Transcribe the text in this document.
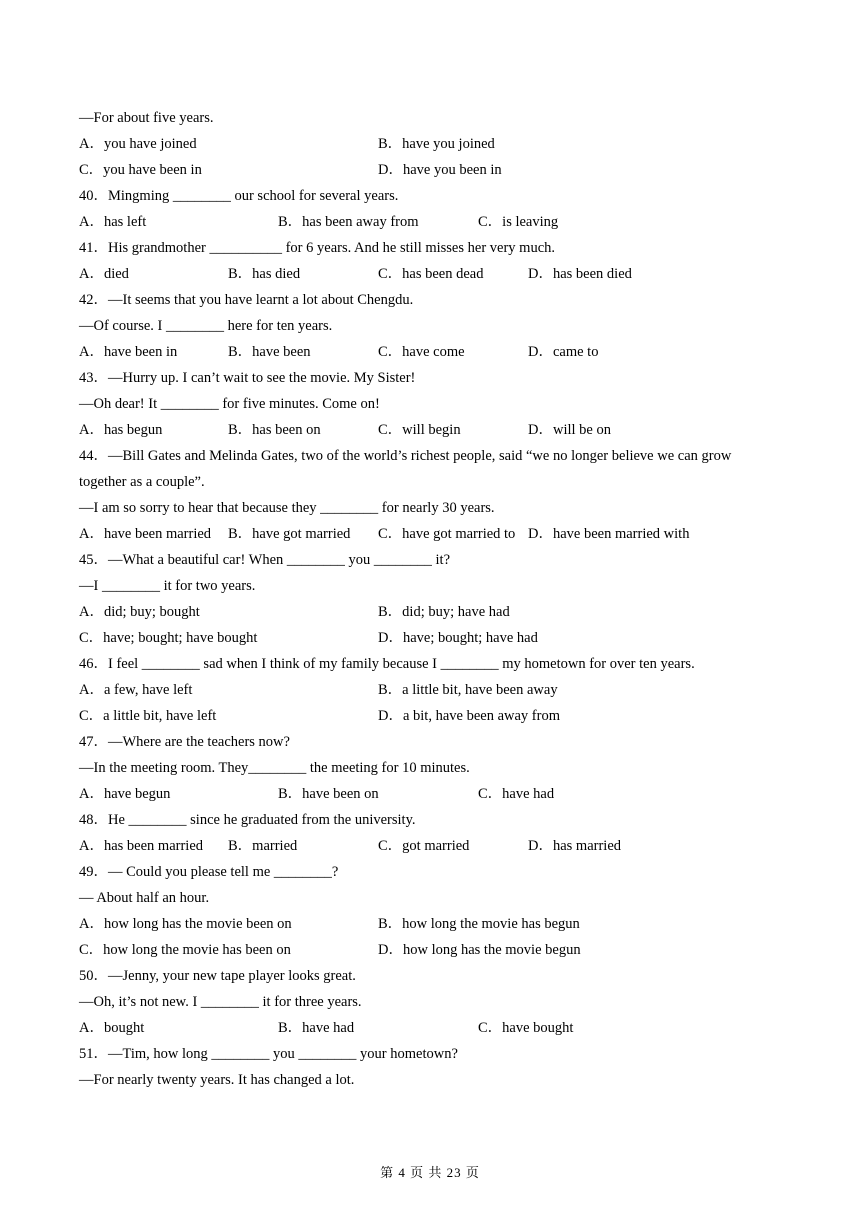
—For about five years.
A．you have joined	B．have you joined
C．you have been in	D．have you been in
40．Mingming ________ our school for several years.
A．has left	B．has been away from	C．is leaving
41．His grandmother __________ for 6 years. And he still misses her very much.
A．died	B．has died	C．has been dead	D．has been died
42．—It seems that you have learnt a lot about Chengdu.
—Of course. I ________ here for ten years.
A．have been in	B．have been	C．have come	D．came to
43．—Hurry up. I can’t wait to see the movie. My Sister!
—Oh dear! It ________ for five minutes. Come on!
A．has begun	B．has been on	C．will begin	D．will be on
44．—Bill Gates and Melinda Gates, two of the world’s richest people, said “we no longer believe we can grow
together as a couple”.
—I am so sorry to hear that because they ________ for nearly 30 years.
A．have been married B．have got married C．have got married to D．have been married with
45．—What a beautiful car! When ________ you ________ it?
—I ________ it for two years.
A．did; buy; bought	B．did; buy; have had
C．have; bought; have bought	D．have; bought; have had
46．I feel ________ sad when I think of my family because I ________ my hometown for over ten years.
A．a few, have left	B．a little bit, have been away
C．a little bit, have left	D．a bit, have been away from
47．—Where are the teachers now?
—In the meeting room. They________ the meeting for 10 minutes.
A．have begun	B．have been on	C．have had
48．He ________ since he graduated from the university.
A．has been married B．married	C．got married	D．has married
49．— Could you please tell me ________?
— About half an hour.
A．how long has the movie been on	B．how long the movie has begun
C．how long the movie has been on	D．how long has the movie begun
50．—Jenny, your new tape player looks great.
—Oh, it’s not new. I ________ it for three years.
A．bought	B．have had	C．have bought
51．—Tim, how long ________ you ________ your hometown?
—For nearly twenty years. It has changed a lot.
第 4 页 共 23 页
